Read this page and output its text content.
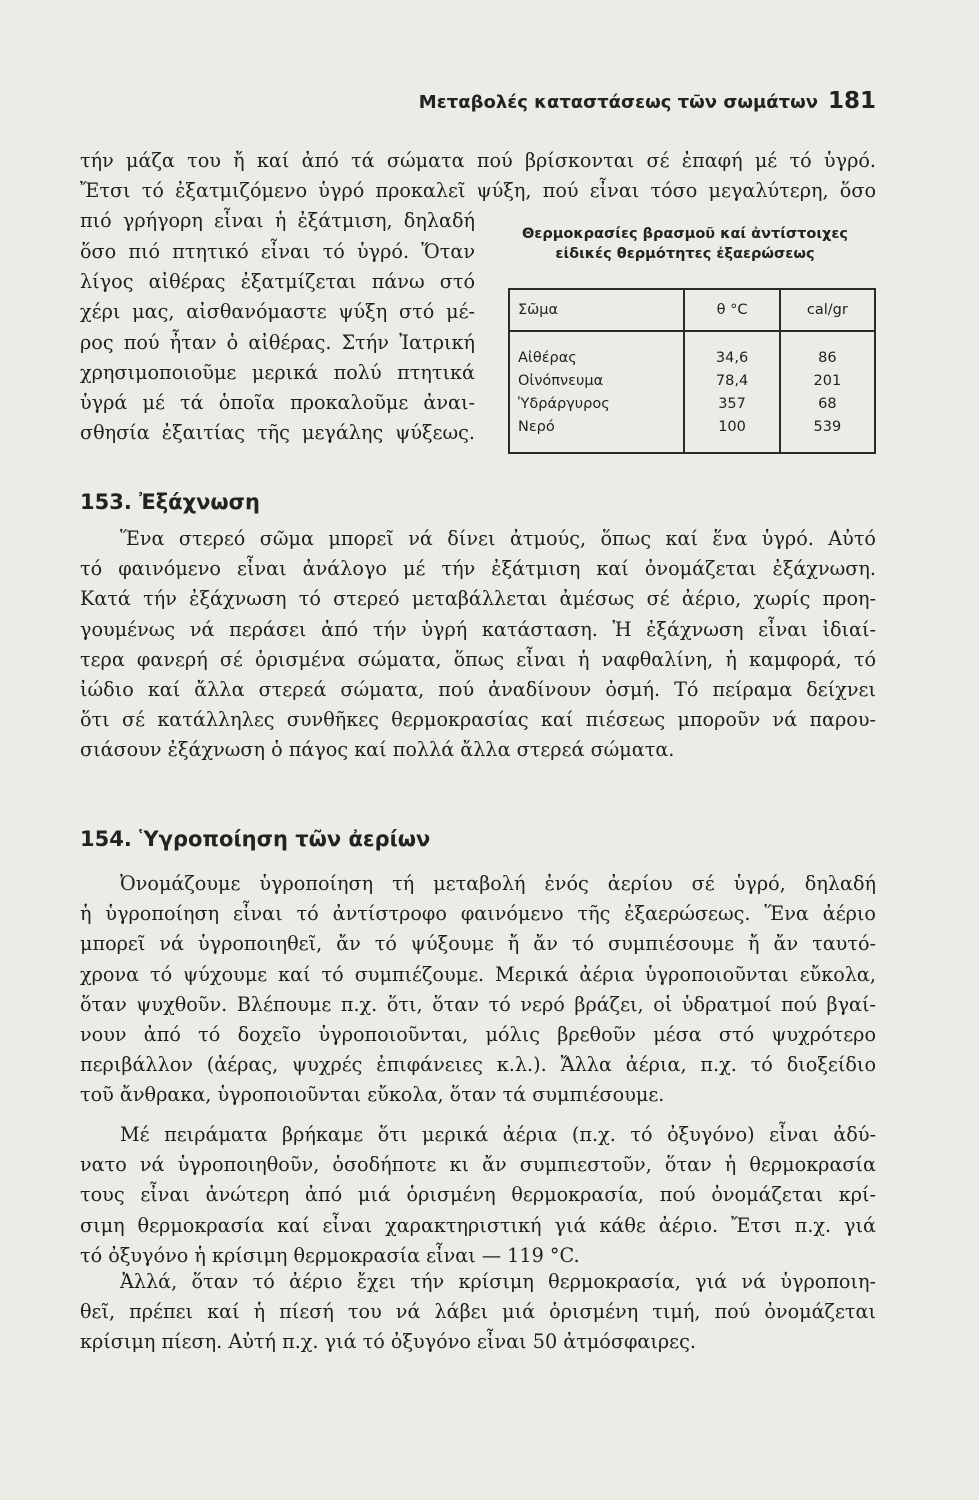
Μεταβολές καταστάσεως τῶν σωμάτων 181
τήν μάζα του ἤ καί ἀπό τά σώματα πού βρίσκονται σέ ἐπαφή μέ τό ὑγρό.
Ἔτσι τό ἐξατμιζόμενο ὑγρό προκαλεῖ ψύξη, πού εἶναι τόσο μεγαλύτερη, ὅσο
πιό γρήγορη εἶναι ἡ ἐξάτμιση, δηλαδή
ὅσο πιό πτητικό εἶναι τό ὑγρό. Ὅταν
λίγος αἰθέρας ἐξατμίζεται πάνω στό
χέρι μας, αἰσθανόμαστε ψύξη στό μέ-
ρος πού ἦταν ὁ αἰθέρας. Στήν Ἰατρική
χρησιμοποιοῦμε μερικά πολύ πτητικά
ὑγρά μέ τά ὁποῖα προκαλοῦμε ἀναι-
σθησία ἐξαιτίας τῆς μεγάλης ψύξεως.
Θερμοκρασίες βρασμοῦ καί ἀντίστοιχες
εἰδικές θερμότητες ἐξαερώσεως
Σῶμα	θ °C	cal/gr
Αἰθέρας	34,6	86
Οἰνόπνευμα	78,4	201
Ὑδράργυρος	357	68
Νερό	100	539
153. Ἐξάχνωση
Ἕνα στερεό σῶμα μπορεῖ νά δίνει ἀτμούς, ὅπως καί ἕνα ὑγρό. Αὐτό
τό φαινόμενο εἶναι ἀνάλογο μέ τήν ἐξάτμιση καί ὀνομάζεται ἐξάχνωση.
Κατά τήν ἐξάχνωση τό στερεό μεταβάλλεται ἀμέσως σέ ἀέριο, χωρίς προη-
γουμένως νά περάσει ἀπό τήν ὑγρή κατάσταση. Ἡ ἐξάχνωση εἶναι ἰδιαί-
τερα φανερή σέ ὁρισμένα σώματα, ὅπως εἶναι ἡ ναφθαλίνη, ἡ καμφορά, τό
ἰώδιο καί ἄλλα στερεά σώματα, πού ἀναδίνουν ὀσμή. Τό πείραμα δείχνει
ὅτι σέ κατάλληλες συνθῆκες θερμοκρασίας καί πιέσεως μποροῦν νά παρου-
σιάσουν ἐξάχνωση ὁ πάγος καί πολλά ἄλλα στερεά σώματα.
154. Ὑγροποίηση τῶν ἀερίων
Ὀνομάζουμε ὑγροποίηση τή μεταβολή ἑνός ἀερίου σέ ὑγρό, δηλαδή
ἡ ὑγροποίηση εἶναι τό ἀντίστροφο φαινόμενο τῆς ἐξαερώσεως. Ἕνα ἀέριο
μπορεῖ νά ὑγροποιηθεῖ, ἄν τό ψύξουμε ἤ ἄν τό συμπιέσουμε ἤ ἄν ταυτό-
χρονα τό ψύχουμε καί τό συμπιέζουμε. Μερικά ἀέρια ὑγροποιοῦνται εὔκολα,
ὅταν ψυχθοῦν. Βλέπουμε π.χ. ὅτι, ὅταν τό νερό βράζει, οἱ ὑδρατμοί πού βγαί-
νουν ἀπό τό δοχεῖο ὑγροποιοῦνται, μόλις βρεθοῦν μέσα στό ψυχρότερο
περιβάλλον (ἀέρας, ψυχρές ἐπιφάνειες κ.λ.). Ἄλλα ἀέρια, π.χ. τό διοξείδιο
τοῦ ἄνθρακα, ὑγροποιοῦνται εὔκολα, ὅταν τά συμπιέσουμε.
Μέ πειράματα βρήκαμε ὅτι μερικά ἀέρια (π.χ. τό ὀξυγόνο) εἶναι ἀδύ-
νατο νά ὑγροποιηθοῦν, ὁσοδήποτε κι ἄν συμπιεστοῦν, ὅταν ἡ θερμοκρασία
τους εἶναι ἀνώτερη ἀπό μιά ὁρισμένη θερμοκρασία, πού ὀνομάζεται κρί-
σιμη θερμοκρασία καί εἶναι χαρακτηριστική γιά κάθε ἀέριο. Ἔτσι π.χ. γιά
τό ὀξυγόνο ἡ κρίσιμη θερμοκρασία εἶναι — 119 °C.
Ἀλλά, ὅταν τό ἀέριο ἔχει τήν κρίσιμη θερμοκρασία, γιά νά ὑγροποιη-
θεῖ, πρέπει καί ἡ πίεσή του νά λάβει μιά ὁρισμένη τιμή, πού ὀνομάζεται
κρίσιμη πίεση. Αὐτή π.χ. γιά τό ὀξυγόνο εἶναι 50 ἀτμόσφαιρες.
